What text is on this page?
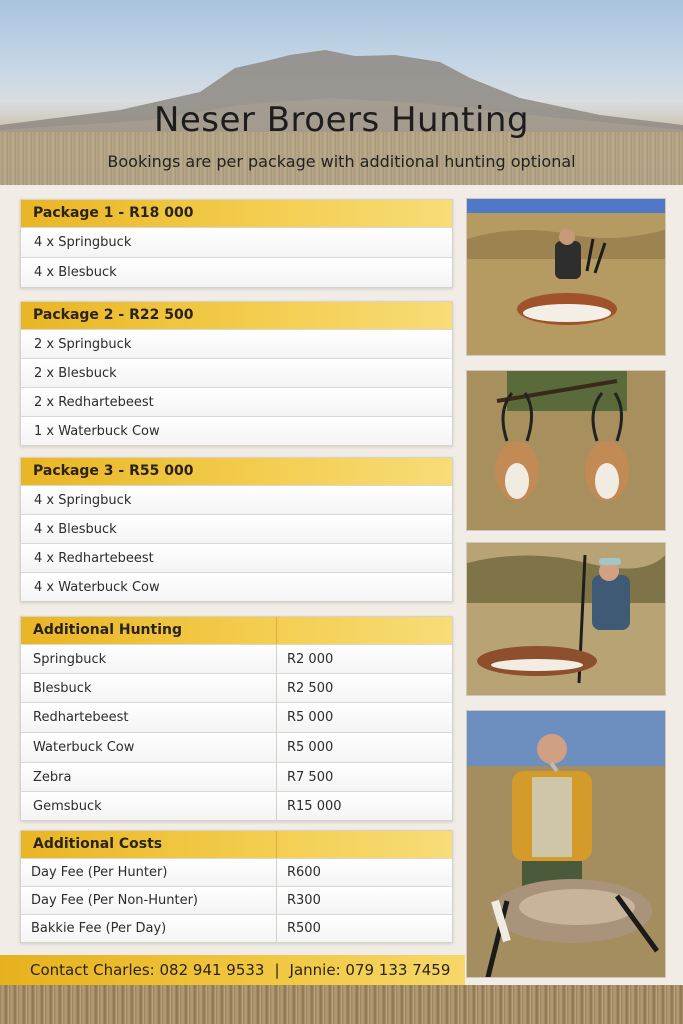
Neser Broers Hunting
Bookings are per package with additional hunting optional
Package 1 - R18 000
4 x Springbuck
4 x Blesbuck
Package 2 - R22 500
2 x Springbuck
2 x Blesbuck
2 x Redhartebeest
1 x Waterbuck Cow
Package 3 - R55 000
4 x Springbuck
4 x Blesbuck
4 x Redhartebeest
4 x Waterbuck Cow
Additional Hunting
Springbuck	R2 000
Blesbuck	R2 500
Redhartebeest	R5 000
Waterbuck Cow	R5 000
Zebra	R7 500
Gemsbuck	R15 000
Additional Costs
Day Fee (Per Hunter)	R600
Day Fee (Per Non-Hunter)	R300
Bakkie Fee (Per Day)	R500
Contact Charles: 082 941 9533 | Jannie: 079 133 7459
